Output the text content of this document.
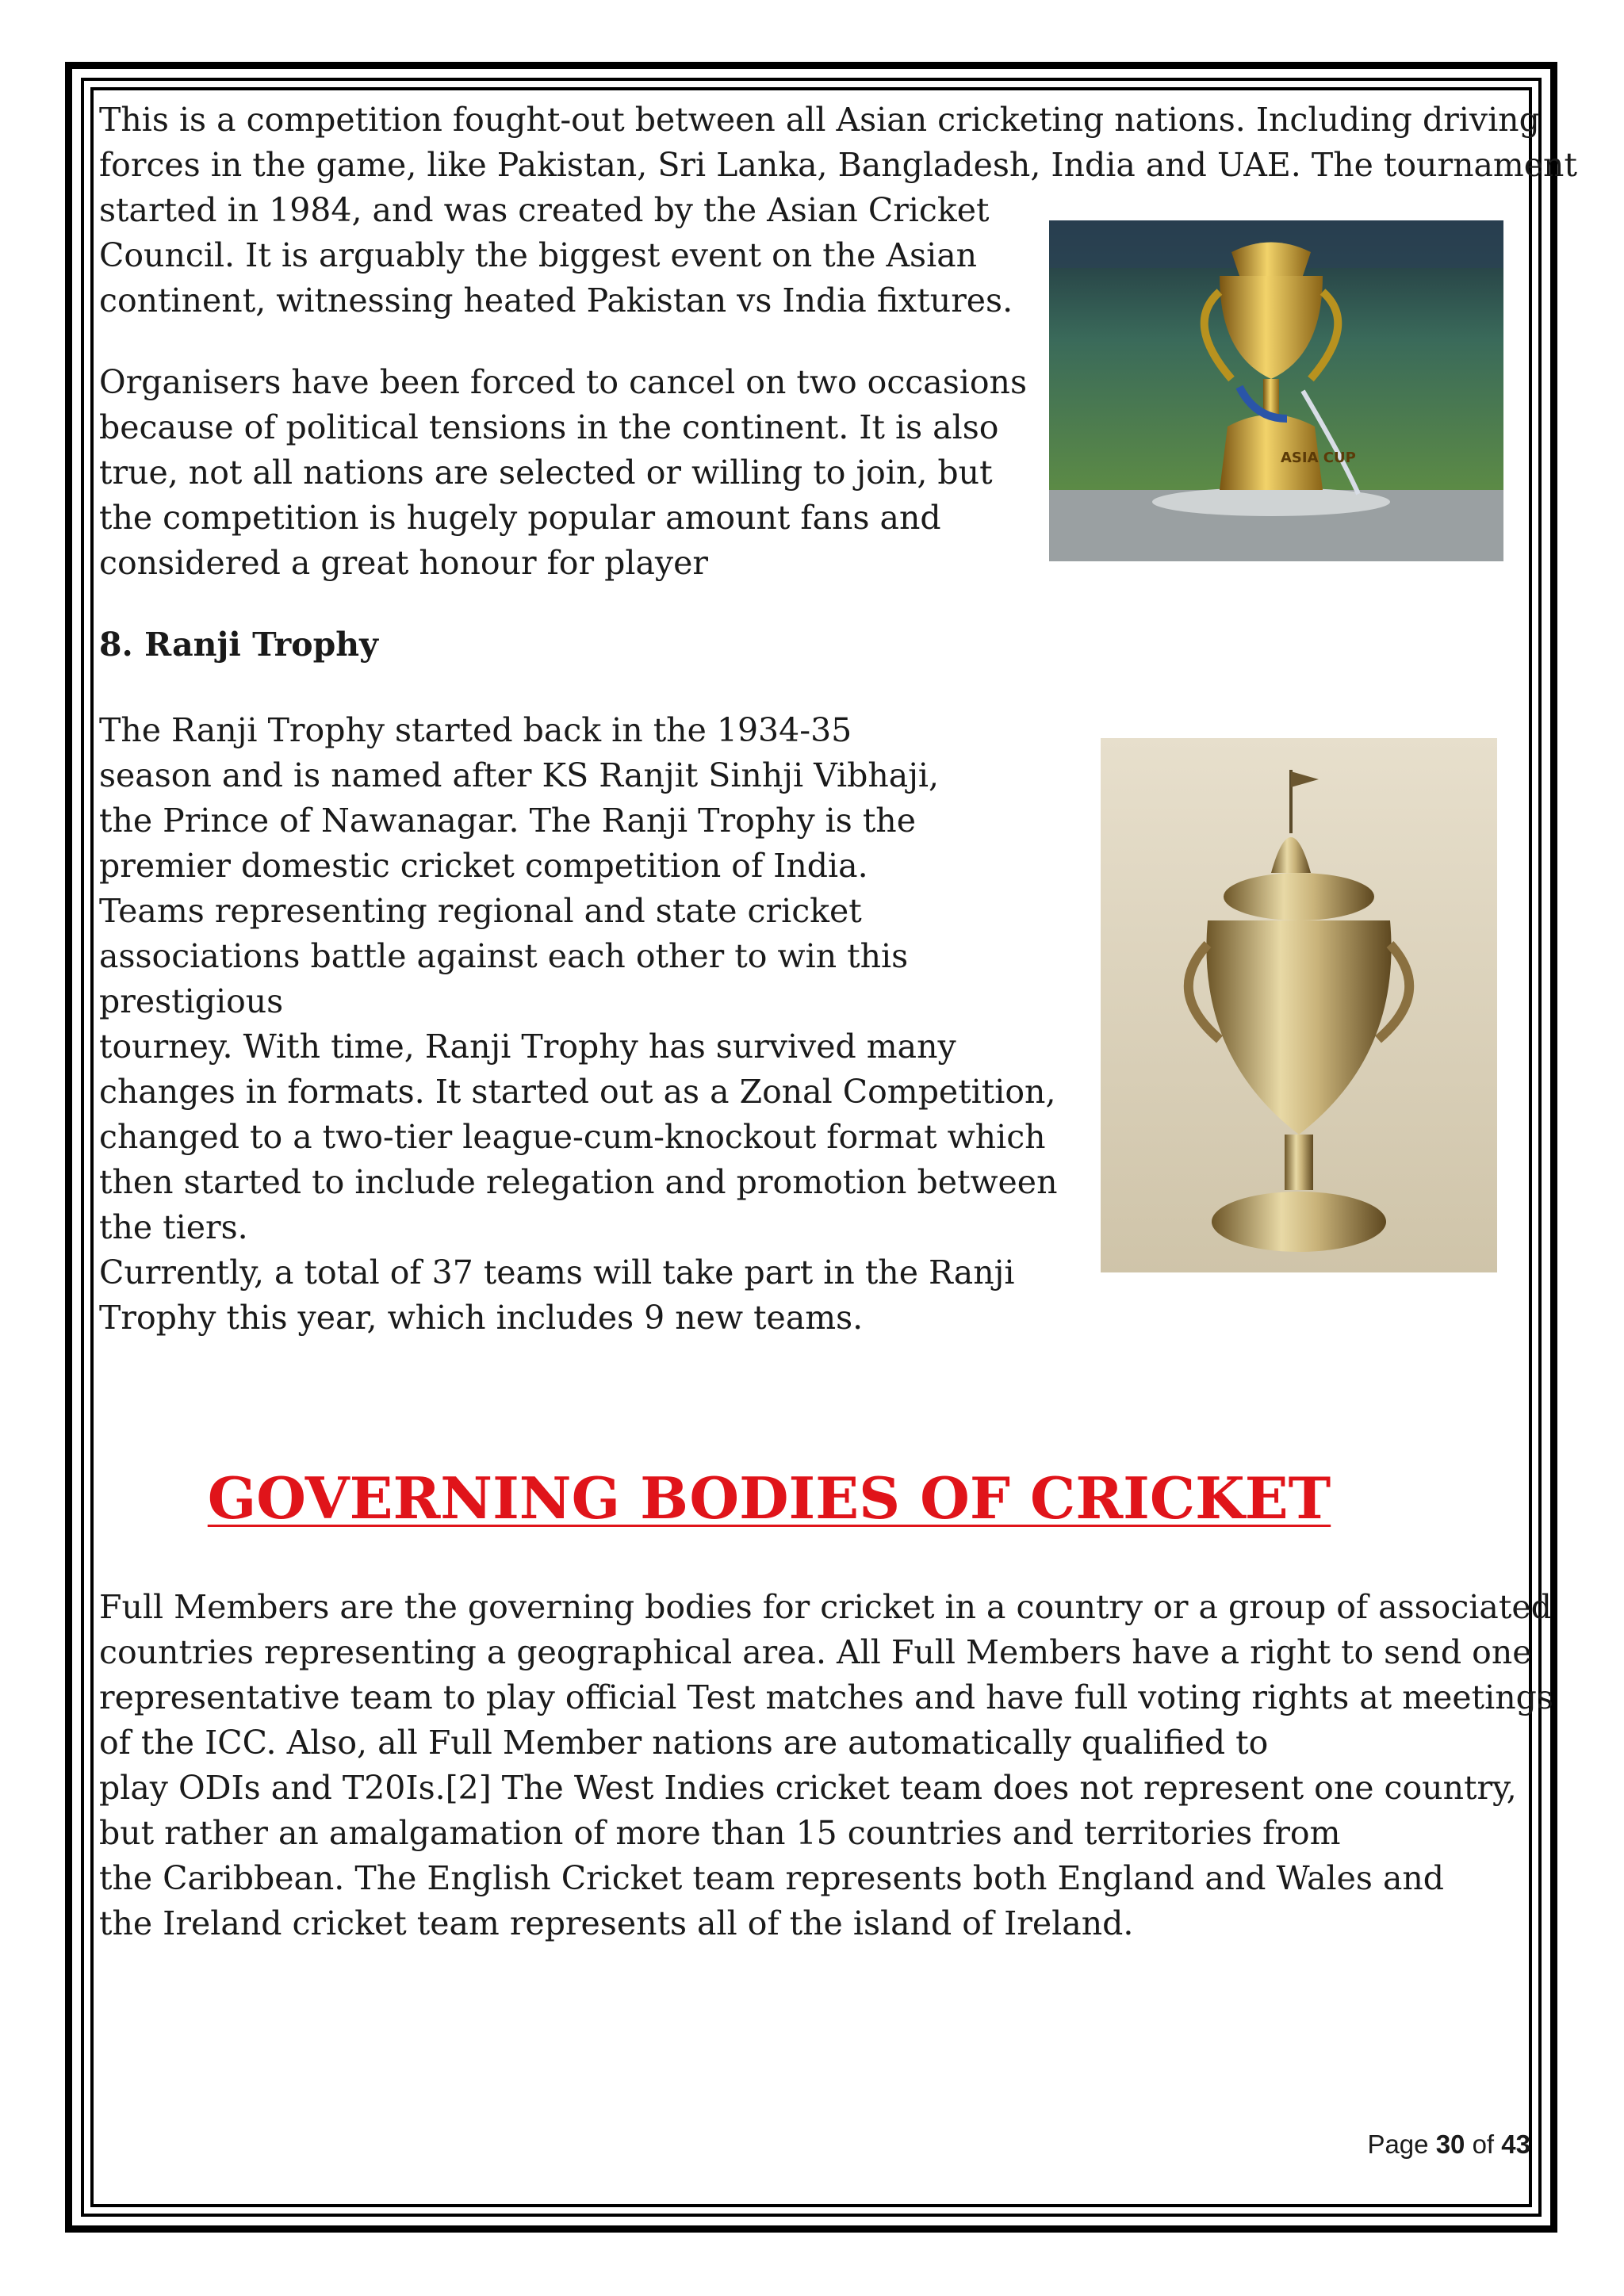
This is a competition fought-out between all Asian cricketing nations. Including driving
forces in the game, like Pakistan, Sri Lanka, Bangladesh, India and UAE. The tournament
started in 1984, and was created by the Asian Cricket
Council. It is arguably the biggest event on the Asian
continent, witnessing heated Pakistan vs India fixtures.

ASIA CUP

Organisers have been forced to cancel on two occasions
because of political tensions in the continent. It is also
true, not all nations are selected or willing to join, but
the competition is hugely popular amount fans and
considered a great honour for player

8. Ranji Trophy

The Ranji Trophy started back in the 1934-35
season and is named after KS Ranjit Sinhji Vibhaji,
the Prince of Nawanagar. The Ranji Trophy is the
premier domestic cricket competition of India.
Teams representing regional and state cricket
associations battle against each other to win this
prestigious
tourney. With time, Ranji Trophy has survived many
changes in formats. It started out as a Zonal Competition,
changed to a two-tier league-cum-knockout format which
then started to include relegation and promotion between
the tiers.
Currently, a total of 37 teams will take part in the Ranji
Trophy this year, which includes 9 new teams.

GOVERNING BODIES OF CRICKET

Full Members are the governing bodies for cricket in a country or a group of associated
countries representing a geographical area. All Full Members have a right to send one
representative team to play official Test matches and have full voting rights at meetings
of the ICC. Also, all Full Member nations are automatically qualified to
play ODIs and T20Is.[2] The West Indies cricket team does not represent one country,
but rather an amalgamation of more than 15 countries and territories from
the Caribbean. The English Cricket team represents both England and Wales and
the Ireland cricket team represents all of the island of Ireland.

Page 30 of 43
